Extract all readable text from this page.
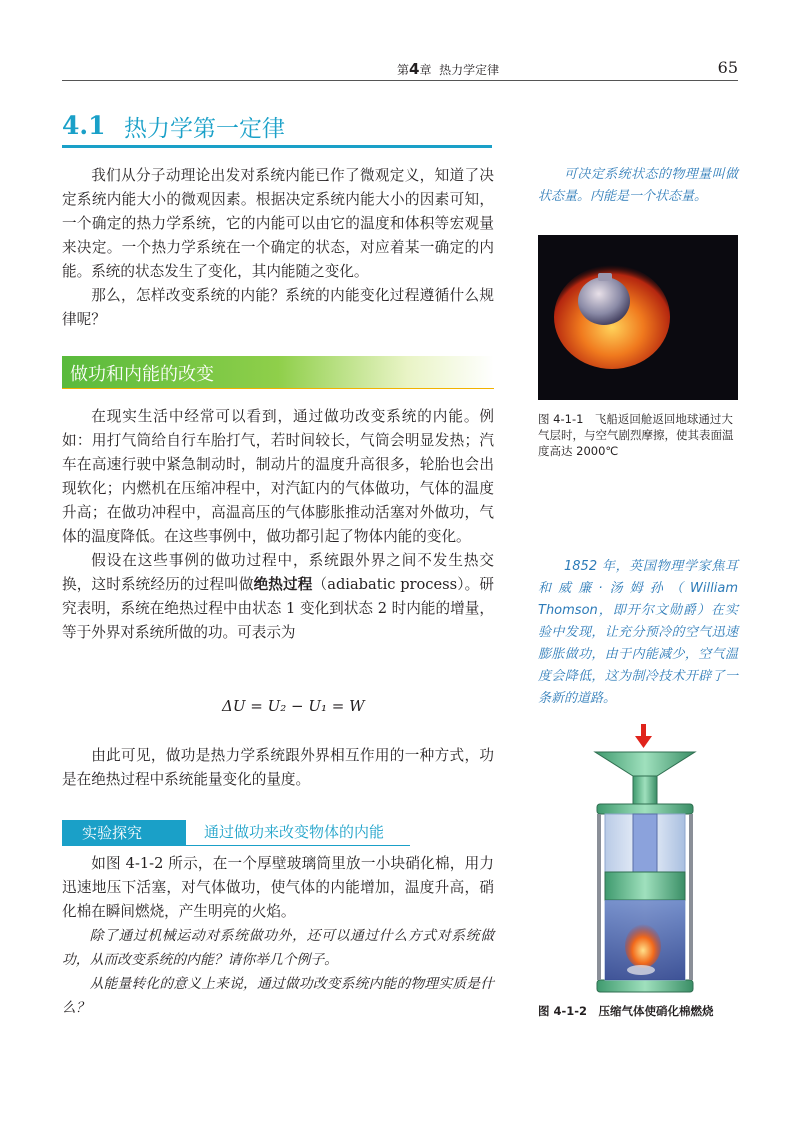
第4章 热力学定律	65
4.1 热力学第一定律

我们从分子动理论出发对系统内能已作了微观定义，知道了决定系统内能大小的微观因素。根据决定系统内能大小的因素可知，一个确定的热力学系统，它的内能可以由它的温度和体积等宏观量来决定。一个热力学系统在一个确定的状态，对应着某一确定的内能。系统的状态发生了变化，其内能随之变化。

那么，怎样改变系统的内能？系统的内能变化过程遵循什么规律呢？

做功和内能的改变

在现实生活中经常可以看到，通过做功改变系统的内能。例如：用打气筒给自行车胎打气，若时间较长，气筒会明显发热；汽车在高速行驶中紧急制动时，制动片的温度升高很多，轮胎也会出现软化；内燃机在压缩冲程中，对汽缸内的气体做功，气体的温度升高；在做功冲程中，高温高压的气体膨胀推动活塞对外做功，气体的温度降低。在这些事例中，做功都引起了物体内能的变化。

假设在这些事例的做功过程中，系统跟外界之间不发生热交换，这时系统经历的过程叫做绝热过程（adiabatic process）。研究表明，系统在绝热过程中由状态 1 变化到状态 2 时内能的增量，等于外界对系统所做的功。可表示为

ΔU = U₂ − U₁ = W

由此可见，做功是热力学系统跟外界相互作用的一种方式，功是在绝热过程中系统能量变化的量度。

实验探究	通过做功来改变物体的内能

如图 4-1-2 所示，在一个厚壁玻璃筒里放一小块硝化棉，用力迅速地压下活塞，对气体做功，使气体的内能增加，温度升高，硝化棉在瞬间燃烧，产生明亮的火焰。

除了通过机械运动对系统做功外，还可以通过什么方式对系统做功，从而改变系统的内能？请你举几个例子。

从能量转化的意义上来说，通过做功改变系统内能的物理实质是什么？

可决定系统状态的物理量叫做状态量。内能是一个状态量。

图 4-1-1　飞船返回舱返回地球通过大气层时，与空气剧烈摩擦，使其表面温度高达 2000℃

1852 年，英国物理学家焦耳和威廉·汤姆孙（William Thomson，即开尔文勋爵）在实验中发现，让充分预冷的空气迅速膨胀做功，由于内能减少，空气温度会降低，这为制冷技术开辟了一条新的道路。

图 4-1-2　压缩气体使硝化棉燃烧
